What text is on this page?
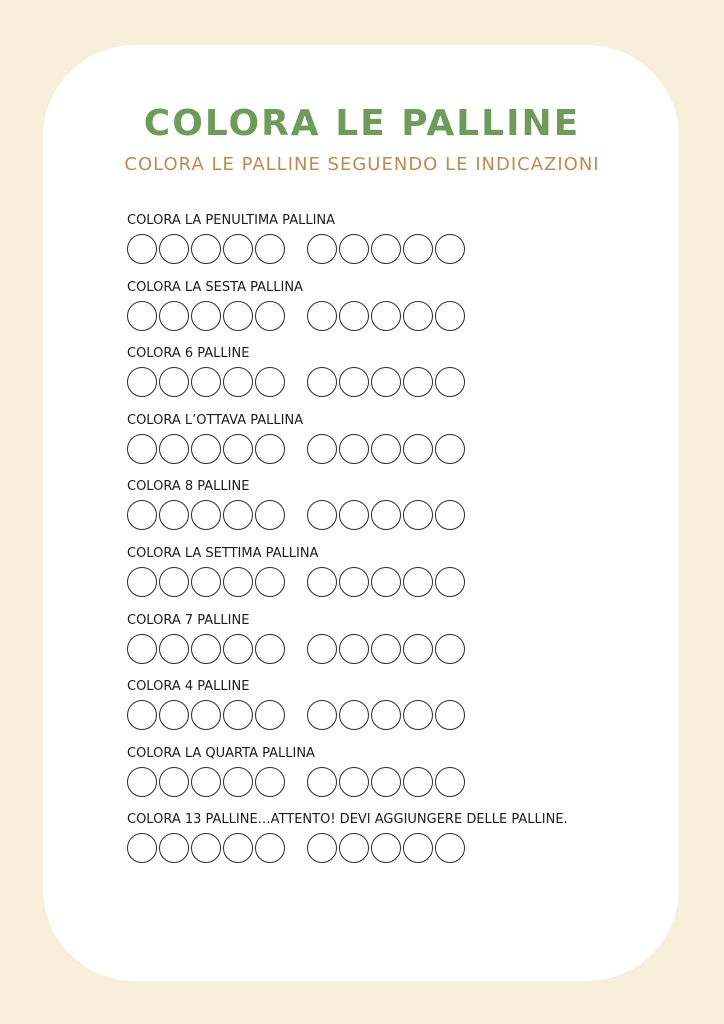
COLORA LE PALLINE

COLORA LE PALLINE SEGUENDO LE INDICAZIONI

COLORA LA PENULTIMA PALLINA
COLORA LA SESTA PALLINA
COLORA 6 PALLINE
COLORA L’OTTAVA PALLINA
COLORA 8 PALLINE
COLORA LA SETTIMA PALLINA
COLORA 7 PALLINE
COLORA 4 PALLINE
COLORA LA QUARTA PALLINA
COLORA 13 PALLINE…ATTENTO! DEVI AGGIUNGERE DELLE PALLINE.
